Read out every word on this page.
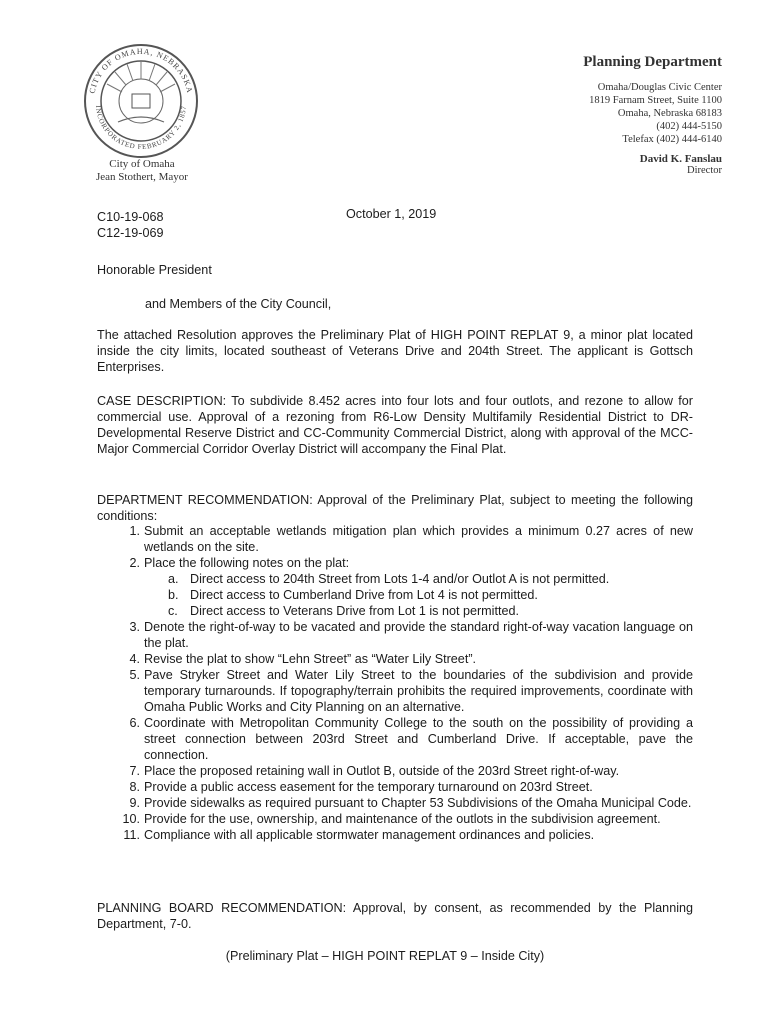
CITY OF OMAHA, NEBRASKA
INCORPORATED FEBRUARY 2, 1857
City of Omaha
Jean Stothert, Mayor
Planning Department
Omaha/Douglas Civic Center
1819 Farnam Street, Suite 1100
Omaha, Nebraska 68183
(402) 444-5150
Telefax (402) 444-6140
David K. Fanslau
Director
C10-19-068
C12-19-069
October 1, 2019
Honorable President
and Members of the City Council,
The attached Resolution approves the Preliminary Plat of HIGH POINT REPLAT 9, a minor plat located inside the city limits, located southeast of Veterans Drive and 204th Street. The applicant is Gottsch Enterprises.
CASE DESCRIPTION: To subdivide 8.452 acres into four lots and four outlots, and rezone to allow for commercial use. Approval of a rezoning from R6-Low Density Multifamily Residential District to DR-Developmental Reserve District and CC-Community Commercial District, along with approval of the MCC-Major Commercial Corridor Overlay District will accompany the Final Plat.
DEPARTMENT RECOMMENDATION: Approval of the Preliminary Plat, subject to meeting the following conditions:
1. Submit an acceptable wetlands mitigation plan which provides a minimum 0.27 acres of new wetlands on the site.
2. Place the following notes on the plat:
a. Direct access to 204th Street from Lots 1-4 and/or Outlot A is not permitted.
b. Direct access to Cumberland Drive from Lot 4 is not permitted.
c. Direct access to Veterans Drive from Lot 1 is not permitted.
3. Denote the right-of-way to be vacated and provide the standard right-of-way vacation language on the plat.
4. Revise the plat to show “Lehn Street” as “Water Lily Street”.
5. Pave Stryker Street and Water Lily Street to the boundaries of the subdivision and provide temporary turnarounds. If topography/terrain prohibits the required improvements, coordinate with Omaha Public Works and City Planning on an alternative.
6. Coordinate with Metropolitan Community College to the south on the possibility of providing a street connection between 203rd Street and Cumberland Drive. If acceptable, pave the connection.
7. Place the proposed retaining wall in Outlot B, outside of the 203rd Street right-of-way.
8. Provide a public access easement for the temporary turnaround on 203rd Street.
9. Provide sidewalks as required pursuant to Chapter 53 Subdivisions of the Omaha Municipal Code.
10. Provide for the use, ownership, and maintenance of the outlots in the subdivision agreement.
11. Compliance with all applicable stormwater management ordinances and policies.
PLANNING BOARD RECOMMENDATION: Approval, by consent, as recommended by the Planning Department, 7-0.
(Preliminary Plat – HIGH POINT REPLAT 9 – Inside City)
